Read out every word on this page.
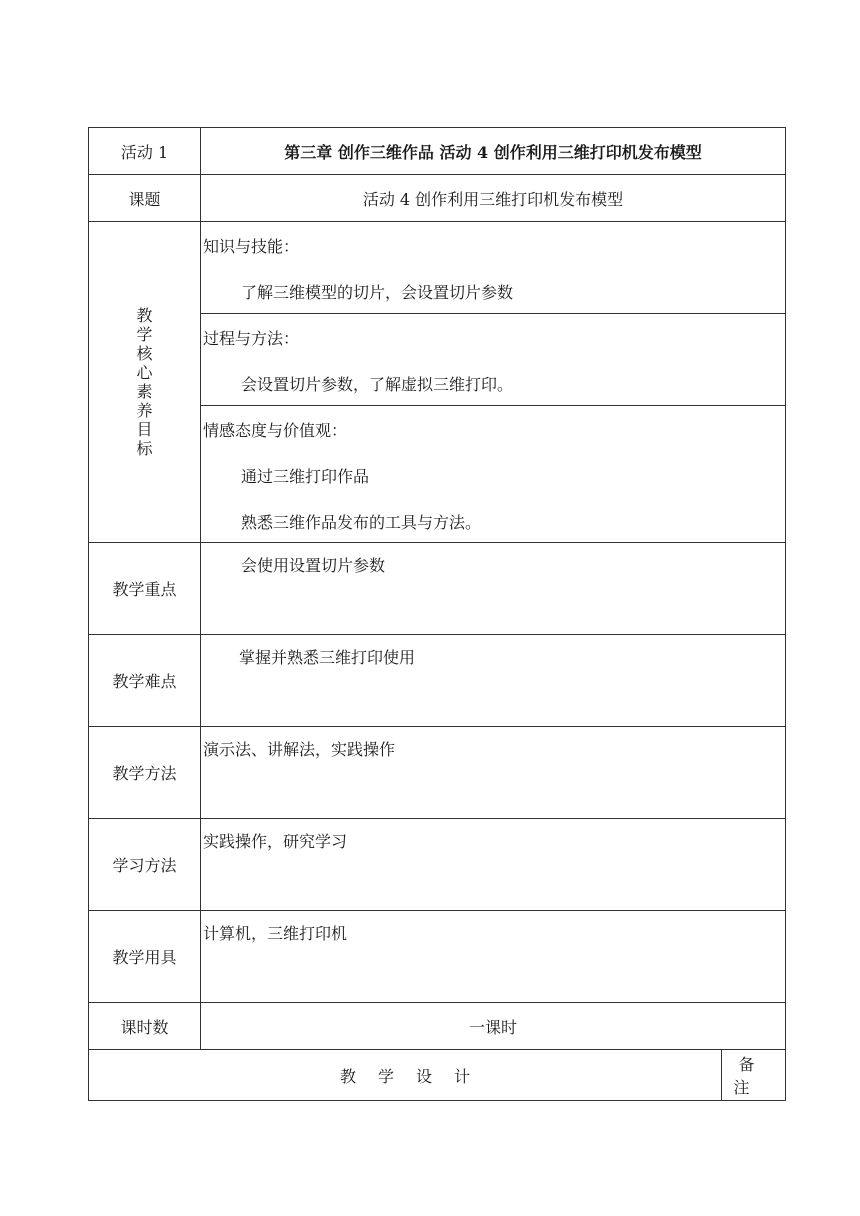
活动 1	第三章 创作三维作品 活动 4 创作利用三维打印机发布模型	
课题	活动 4 创作利用三维打印机发布模型	

教学核心素养目标	知识与技能：
了解三维模型的切片，会设置切片参数	

	过程与方法：
会设置切片参数，了解虚拟三维打印。	

	情感态度与价值观：
通过三维打印作品
熟悉三维作品发布的工具与方法。	

教学重点	会使用设置切片参数	

教学难点	掌握并熟悉三维打印使用	

教学方法	演示法、讲解法，实践操作	

学习方法	实践操作，研究学习	

教学用具	计算机，三维打印机	

课时数	一课时	
教学设计		备注
